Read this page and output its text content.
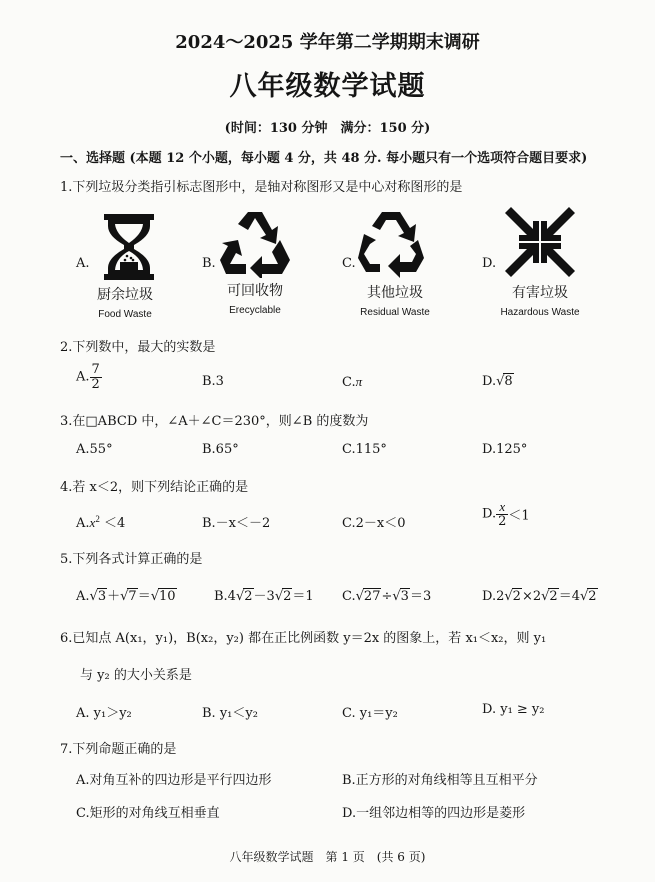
2024～2025 学年第二学期期末调研
八年级数学试题
(时间：130 分钟　满分：150 分)
一、选择题 (本题 12 个小题，每小题 4 分，共 48 分. 每小题只有一个选项符合题目要求)
1.下列垃圾分类指引标志图形中，是轴对称图形又是中心对称图形的是
A.
厨余垃圾
Food Waste
B.
可回收物
Erecyclable
C.
其他垃圾
Residual Waste
D.
有害垃圾
Hazardous Waste
2.下列数中，最大的实数是
A. $\frac{7}{2}$	B.3	C.π	D.√8
3.在□ABCD 中，∠A＋∠C＝230°，则∠B 的度数为
A.55°	B.65°	C.115°	D.125°
4.若 x＜2，则下列结论正确的是
$A.x^2 <4$	B.－x＜－2	C.2－x＜0
D. $\frac{x}{2} <1$
5.下列各式计算正确的是
A.√3＋√7＝√10	B.4√2－3√2＝1 C.√27÷√3＝3	D.2√2×2√2＝4√2
6.已知点 A(x₁，y₁)，B(x₂，y₂) 都在正比例函数 y＝2x 的图象上，若 x₁＜x₂，则 y₁
与 y₂ 的大小关系是
A. y₁＞y₂	B. y₁＜y₂	C. y₁＝y₂	D. y₁ ≥ y₂
7.下列命题正确的是
A.对角互补的四边形是平行四边形	B.正方形的对角线相等且互相平分
C.矩形的对角线互相垂直	D.一组邻边相等的四边形是菱形
八年级数学试题　第 1 页　(共 6 页)
